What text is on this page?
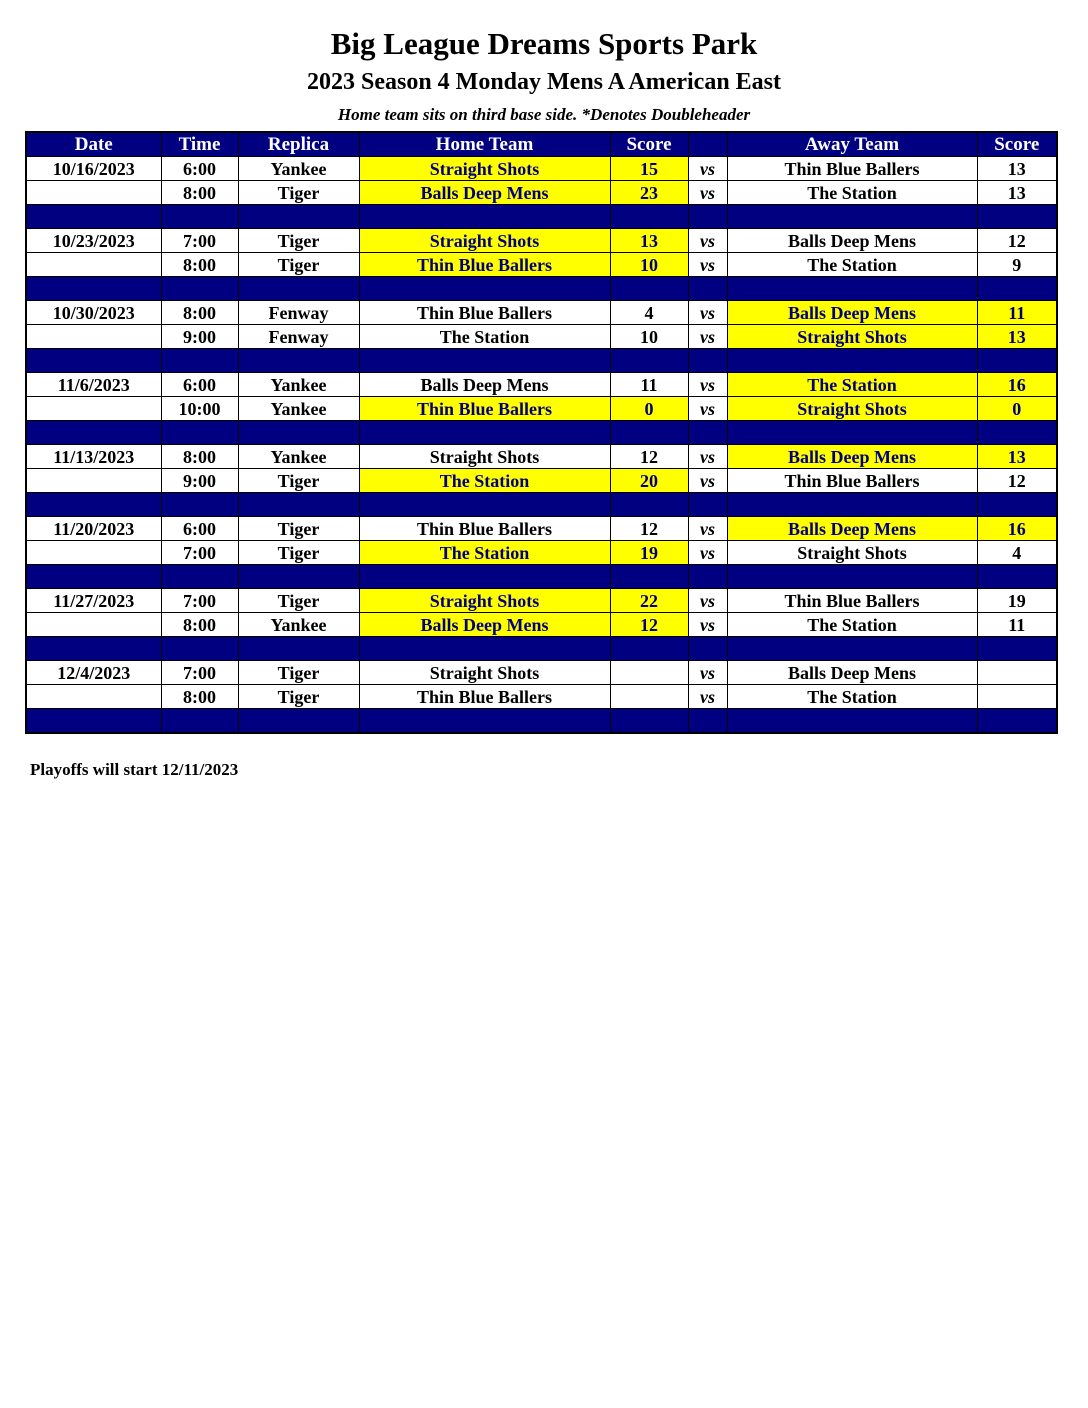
Big League Dreams Sports Park
2023 Season 4 Monday Mens A American East
Home team sits on third base side. *Denotes Doubleheader
Date	Time	Replica	Home Team	Score		Away Team	Score
10/16/2023	6:00	Yankee	Straight Shots	15	vs	Thin Blue Ballers	13
	8:00	Tiger	Balls Deep Mens	23	vs	The Station	13

10/23/2023	7:00	Tiger	Straight Shots	13	vs	Balls Deep Mens	12
	8:00	Tiger	Thin Blue Ballers	10	vs	The Station	9

10/30/2023	8:00	Fenway	Thin Blue Ballers	4	vs	Balls Deep Mens	11
	9:00	Fenway	The Station	10	vs	Straight Shots	13

11/6/2023	6:00	Yankee	Balls Deep Mens	11	vs	The Station	16
	10:00	Yankee	Thin Blue Ballers	0	vs	Straight Shots	0

11/13/2023	8:00	Yankee	Straight Shots	12	vs	Balls Deep Mens	13
	9:00	Tiger	The Station	20	vs	Thin Blue Ballers	12

11/20/2023	6:00	Tiger	Thin Blue Ballers	12	vs	Balls Deep Mens	16
	7:00	Tiger	The Station	19	vs	Straight Shots	4

11/27/2023	7:00	Tiger	Straight Shots	22	vs	Thin Blue Ballers	19
	8:00	Yankee	Balls Deep Mens	12	vs	The Station	11

12/4/2023	7:00	Tiger	Straight Shots		vs	Balls Deep Mens	
	8:00	Tiger	Thin Blue Ballers		vs	The Station	

Playoffs will start 12/11/2023
